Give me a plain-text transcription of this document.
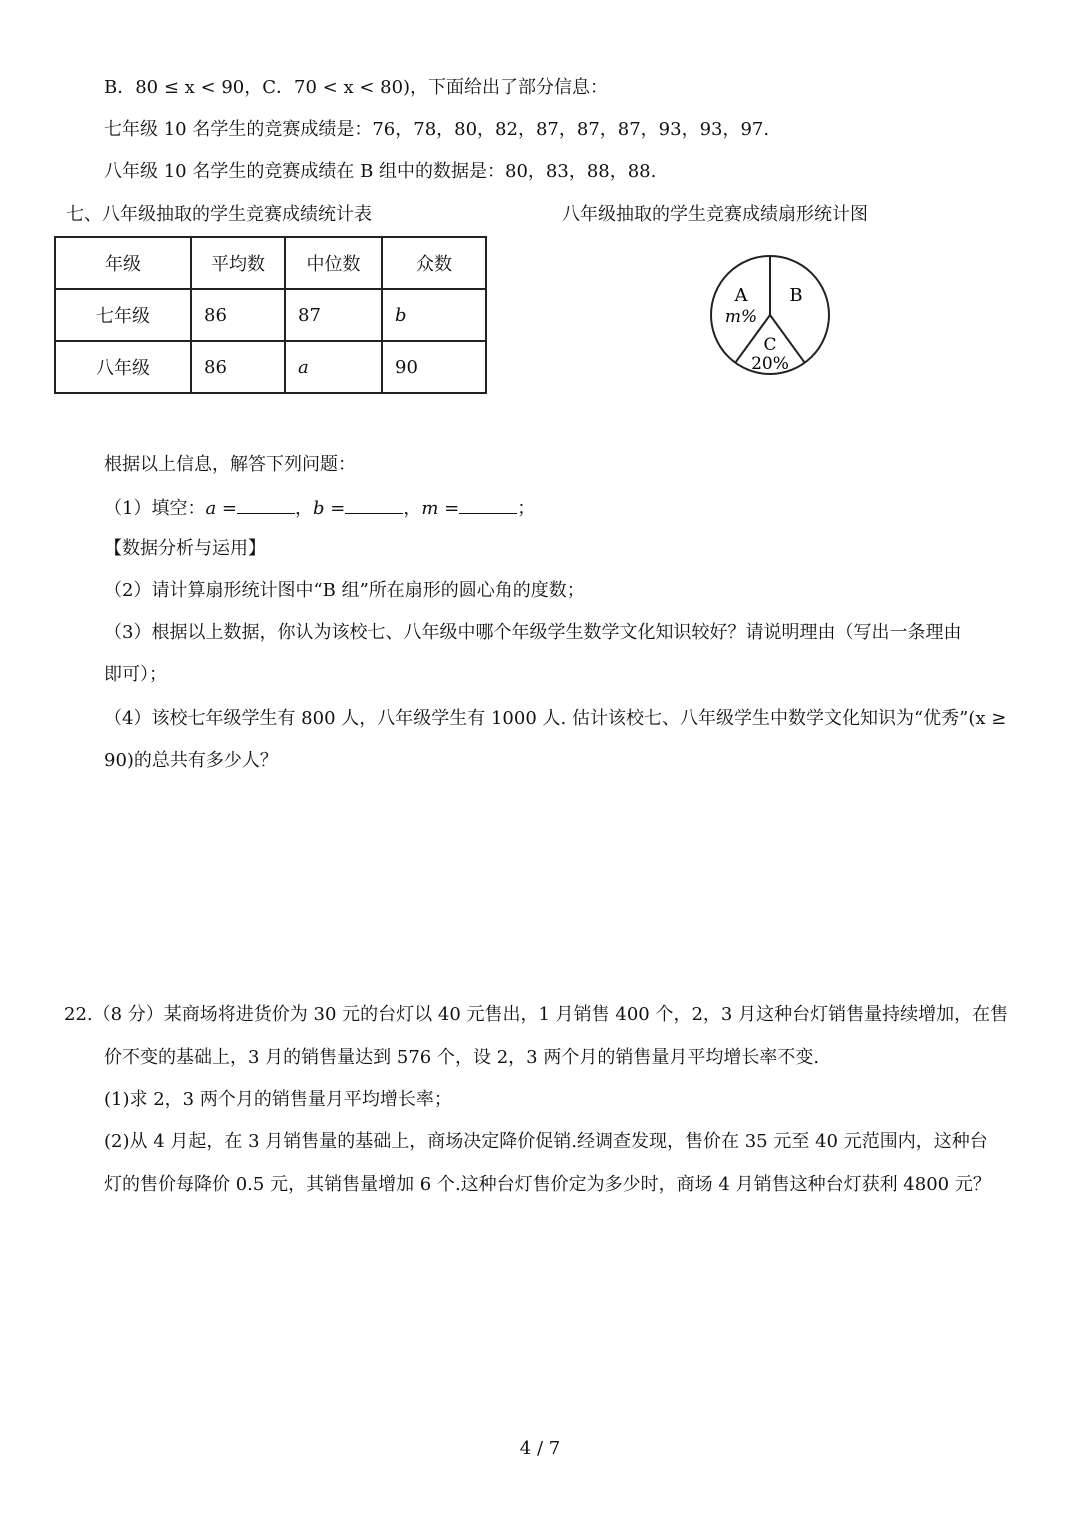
B．80 ≤ x < 90，C．70 < x < 80)，下面给出了部分信息：
七年级 10 名学生的竞赛成绩是：76，78，80，82，87，87，87，93，93，97.
八年级 10 名学生的竞赛成绩在 B 组中的数据是：80，83，88，88.
七、八年级抽取的学生竞赛成绩统计表	八年级抽取的学生竞赛成绩扇形统计图
年级	平均数	中位数	众数
七年级	86	87	b
八年级	86	a	90
A
m%
B
C
20%
根据以上信息，解答下列问题：
（1）填空：a =	，b =	，m =	；
【数据分析与运用】
（2）请计算扇形统计图中“B 组”所在扇形的圆心角的度数；
（3）根据以上数据，你认为该校七、八年级中哪个年级学生数学文化知识较好？请说明理由（写出一条理由
即可）；
（4）该校七年级学生有 800 人，八年级学生有 1000 人. 估计该校七、八年级学生中数学文化知识为“优秀”(x ≥
90)的总共有多少人？
22.（8 分）某商场将进货价为 30 元的台灯以 40 元售出，1 月销售 400 个，2，3 月这种台灯销售量持续增加，在售
价不变的基础上，3 月的销售量达到 576 个，设 2，3 两个月的销售量月平均增长率不变.
(1)求 2，3 两个月的销售量月平均增长率；
(2)从 4 月起，在 3 月销售量的基础上，商场决定降价促销.经调查发现，售价在 35 元至 40 元范围内，这种台
灯的售价每降价 0.5 元，其销售量增加 6 个.这种台灯售价定为多少时，商场 4 月销售这种台灯获利 4800 元？
4 / 7
